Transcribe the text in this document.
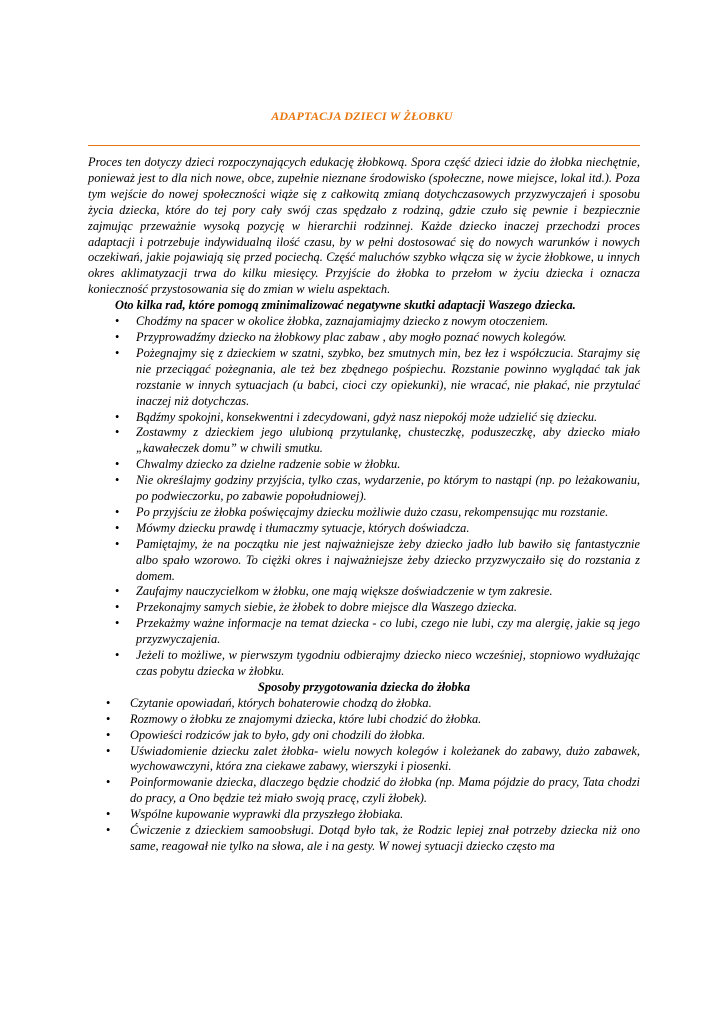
ADAPTACJA DZIECI W ŻŁOBKU

Proces ten dotyczy dzieci rozpoczynających edukację żłobkową. Spora część dzieci idzie do żłobka niechętnie, ponieważ jest to dla nich nowe, obce, zupełnie nieznane środowisko (społeczne, nowe miejsce, lokal itd.). Poza tym wejście do nowej społeczności wiąże się z całkowitą zmianą dotychczasowych przyzwyczajeń i sposobu życia dziecka, które do tej pory cały swój czas spędzało z rodziną, gdzie czuło się pewnie i bezpiecznie zajmując przeważnie wysoką pozycję w hierarchii rodzinnej. Każde dziecko inaczej przechodzi proces adaptacji i potrzebuje indywidualną ilość czasu, by w pełni dostosować się do nowych warunków i nowych oczekiwań, jakie pojawiają się przed pociechą. Część maluchów szybko włącza się w życie żłobkowe, u innych okres aklimatyzacji trwa do kilku miesięcy. Przyjście do żłobka to przełom w życiu dziecka i oznacza konieczność przystosowania się do zmian w wielu aspektach.

Oto kilka rad, które pomogą zminimalizować negatywne skutki adaptacji Waszego dziecka.

• Chodźmy na spacer w okolice żłobka, zaznajamiajmy dziecko z nowym otoczeniem.
• Przyprowadźmy dziecko na żłobkowy plac zabaw , aby mogło poznać nowych kolegów.
• Pożegnajmy się z dzieckiem w szatni, szybko, bez smutnych min, bez łez i współczucia. Starajmy się nie przeciągać pożegnania, ale też bez zbędnego pośpiechu. Rozstanie powinno wyglądać tak jak rozstanie w innych sytuacjach (u babci, cioci czy opiekunki), nie wracać, nie płakać, nie przytulać inaczej niż dotychczas.
• Bądźmy spokojni, konsekwentni i zdecydowani, gdyż nasz niepokój może udzielić się dziecku.
• Zostawmy z dzieckiem jego ulubioną przytulankę, chusteczkę, poduszeczkę, aby dziecko miało „kawałeczek domu” w chwili smutku.
• Chwalmy dziecko za dzielne radzenie sobie w żłobku.
• Nie określajmy godziny przyjścia, tylko czas, wydarzenie, po którym to nastąpi (np. po leżakowaniu, po podwieczorku, po zabawie popołudniowej).
• Po przyjściu ze żłobka poświęcajmy dziecku możliwie dużo czasu, rekompensując mu rozstanie.
• Mówmy dziecku prawdę i tłumaczmy sytuacje, których doświadcza.
• Pamiętajmy, że na początku nie jest najważniejsze żeby dziecko jadło lub bawiło się fantastycznie albo spało wzorowo. To ciężki okres i najważniejsze żeby dziecko przyzwyczaiło się do rozstania z domem.
• Zaufajmy nauczycielkom w żłobku, one mają większe doświadczenie w tym zakresie.
• Przekonajmy samych siebie, że żłobek to dobre miejsce dla Waszego dziecka.
• Przekażmy ważne informacje na temat dziecka - co lubi, czego nie lubi, czy ma alergię, jakie są jego przyzwyczajenia.
• Jeżeli to możliwe, w pierwszym tygodniu odbierajmy dziecko nieco wcześniej, stopniowo wydłużając czas pobytu dziecka w żłobku.

Sposoby przygotowania dziecka do żłobka

• Czytanie opowiadań, których bohaterowie chodzą do żłobka.
• Rozmowy o żłobku ze znajomymi dziecka, które lubi chodzić do żłobka.
• Opowieści rodziców jak to było, gdy oni chodzili do żłobka.
• Uświadomienie dziecku zalet żłobka- wielu nowych kolegów i koleżanek do zabawy, dużo zabawek, wychowawczyni, która zna ciekawe zabawy, wierszyki i piosenki.
• Poinformowanie dziecka, dlaczego będzie chodzić do żłobka (np. Mama pójdzie do pracy, Tata chodzi do pracy, a Ono będzie też miało swoją pracę, czyli żłobek).
• Wspólne kupowanie wyprawki dla przyszłego żłobiaka.
• Ćwiczenie z dzieckiem samoobsługi. Dotąd było tak, że Rodzic lepiej znał potrzeby dziecka niż ono same, reagował nie tylko na słowa, ale i na gesty. W nowej sytuacji dziecko często ma
